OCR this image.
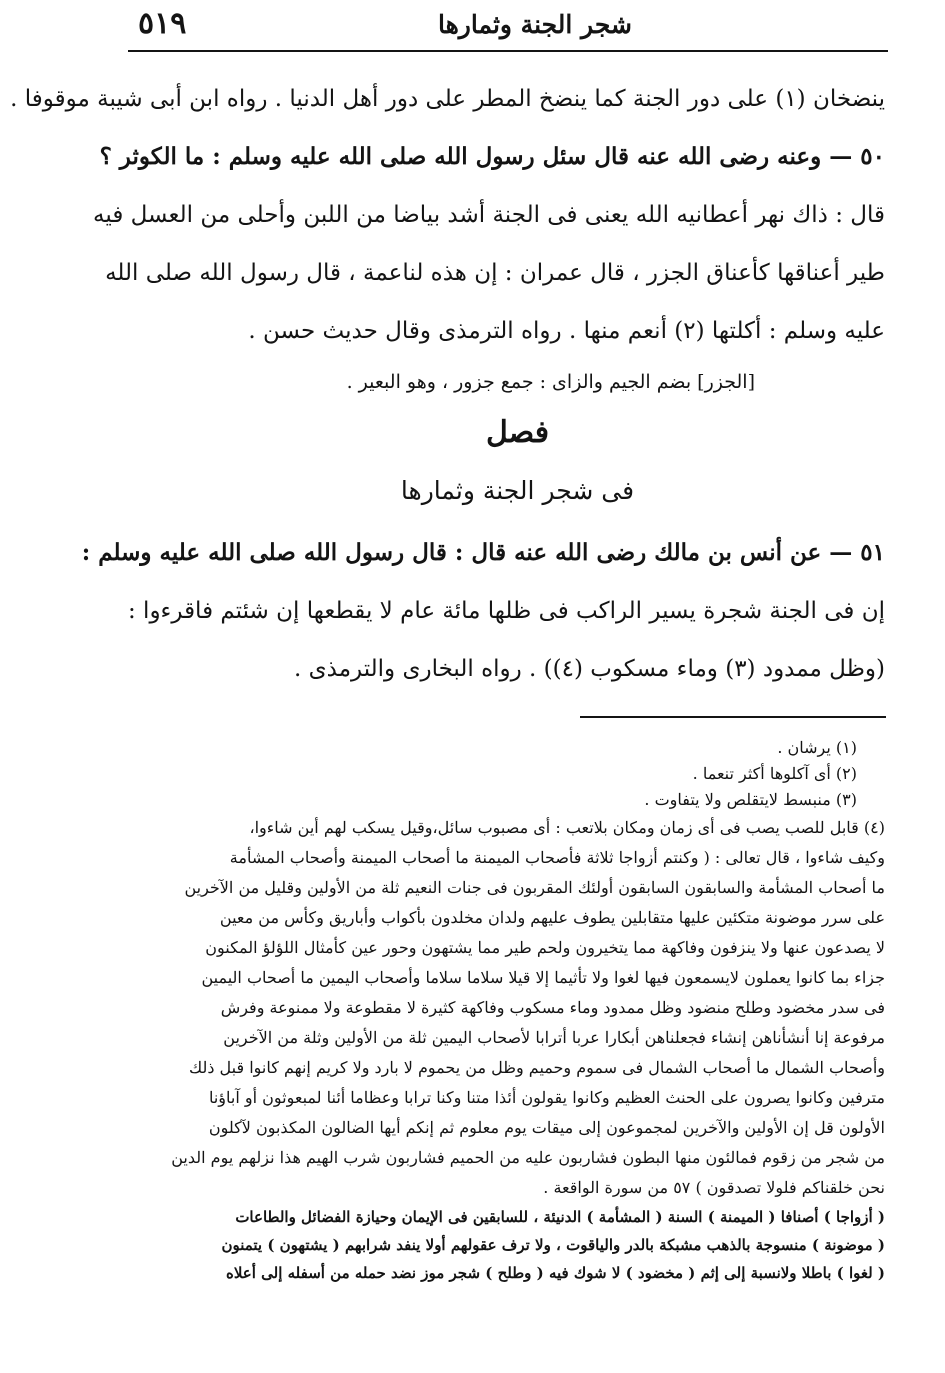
٥١٩	شجر الجنة وثمارها
ينضخان (١) على دور الجنة كما ينضخ المطر على دور أهل الدنيا . رواه ابن أبى شيبة موقوفا .
٥٠ — وعنه رضى الله عنه قال سئل رسول الله صلى الله عليه وسلم : ما الكوثر ؟
قال : ذاك نهر أعطانيه الله يعنى فى الجنة أشد بياضا من اللبن وأحلى من العسل فيه
طير أعناقها كأعناق الجزر ، قال عمران : إن هذه لناعمة ، قال رسول الله صلى الله
عليه وسلم : أكلتها (٢) أنعم منها . رواه الترمذى وقال حديث حسن .
[الجزر] بضم الجيم والزاى : جمع جزور ، وهو البعير .
فصل
فى شجر الجنة وثمارها
٥١ — عن أنس بن مالك رضى الله عنه قال : قال رسول الله صلى الله عليه وسلم :
إن فى الجنة شجرة يسير الراكب فى ظلها مائة عام لا يقطعها إن شئتم فاقرءوا :
(وظل ممدود (٣) وماء مسكوب (٤)) . رواه البخارى والترمذى .
(١) يرشان .
(٢) أى آكلوها أكثر تنعما .
(٣) منبسط لايتقلص ولا يتفاوت .
(٤) قابل للصب يصب فى أى زمان ومكان بلاتعب : أى مصبوب سائل،وقيل يسكب لهم أين شاءوا،
وكيف شاءوا ، قال تعالى : ( وكنتم أزواجا ثلاثة فأصحاب الميمنة ما أصحاب الميمنة وأصحاب المشأمة
ما أصحاب المشأمة والسابقون السابقون أولئك المقربون فى جنات النعيم ثلة من الأولين وقليل من الآخرين
على سرر موضونة متكئين عليها متقابلين يطوف عليهم ولدان مخلدون بأكواب وأباريق وكأس من معين
لا يصدعون عنها ولا ينزفون وفاكهة مما يتخيرون ولحم طير مما يشتهون وحور عين كأمثال اللؤلؤ المكنون
جزاء بما كانوا يعملون لايسمعون فيها لغوا ولا تأثيما إلا قيلا سلاما سلاما وأصحاب اليمين ما أصحاب اليمين
فى سدر مخضود وطلح منضود وظل ممدود وماء مسكوب وفاكهة كثيرة لا مقطوعة ولا ممنوعة وفرش
مرفوعة إنا أنشأناهن إنشاء فجعلناهن أبكارا عربا أترابا لأصحاب اليمين ثلة من الأولين وثلة من الآخرين
وأصحاب الشمال ما أصحاب الشمال فى سموم وحميم وظل من يحموم لا بارد ولا كريم إنهم كانوا قبل ذلك
مترفين وكانوا يصرون على الحنث العظيم وكانوا يقولون أئذا متنا وكنا ترابا وعظاما أئنا لمبعوثون أو آباؤنا
الأولون قل إن الأولين والآخرين لمجموعون إلى ميقات يوم معلوم ثم إنكم أيها الضالون المكذبون لآكلون
من شجر من زقوم فمالئون منها البطون فشاربون عليه من الحميم فشاربون شرب الهيم هذا نزلهم يوم الدين
نحن خلقناكم فلولا تصدقون ) ٥٧ من سورة الواقعة .
( أزواجا ) أصنافا ( الميمنة ) السنة ( المشأمة ) الدنيئة ، للسابقين فى الإيمان وحيازة الفضائل والطاعات
( موضونة ) منسوجة بالذهب مشبكة بالدر والياقوت ، ولا ترف عقولهم أولا ينفد شرابهم ( يشتهون ) يتمنون
( لغوا ) باطلا ولانسبة إلى إثم ( مخضود ) لا شوك فيه ( وطلح ) شجر موز نضد حمله من أسفله إلى أعلاه
